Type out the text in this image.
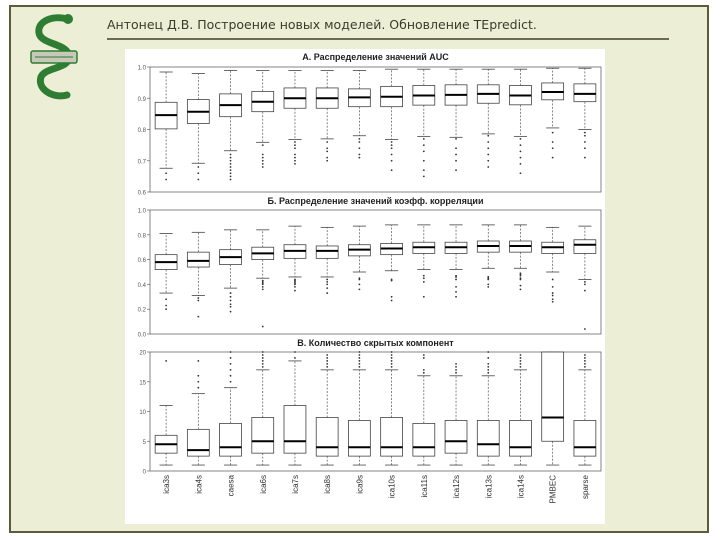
Антонец Д.В. Построение новых моделей. Обновление TEpredict.
А. Распределение значений AUC
0.6
0.7
0.8
0.9
1.0
Б. Распределение значений коэфф. корреляции
0.0
0.2
0.4
0.6
0.8
1.0
В. Количество скрытых компонент
0
5
10
15
20
ica3s	ica4s	caesa	ica6s	ica7s	ica8s	ica9s	ica10s	ica11s	ica12s	ica13s	ica14s	PMBEC	sparse
